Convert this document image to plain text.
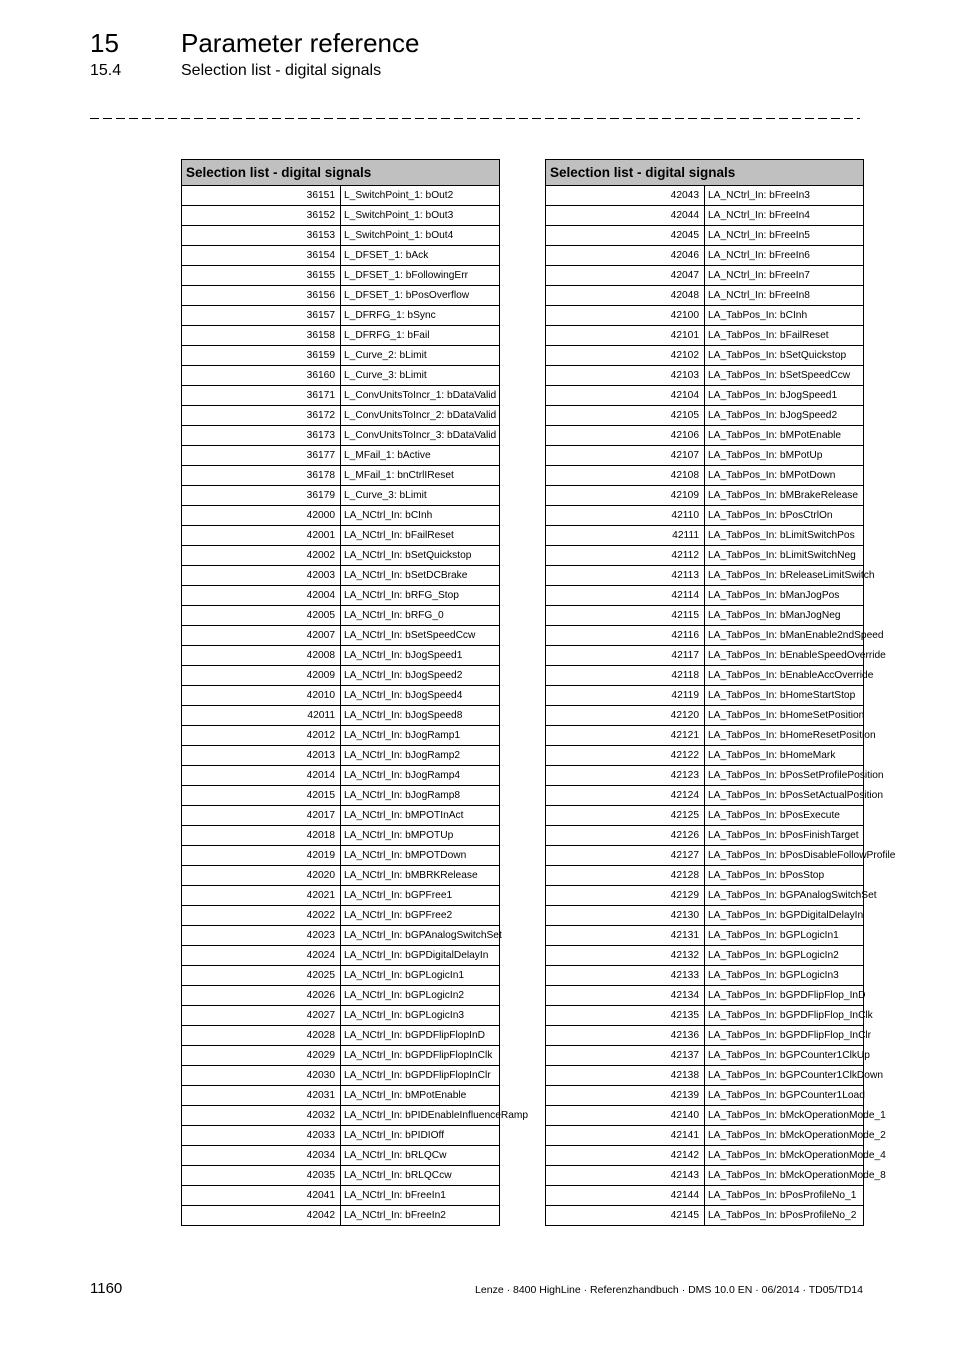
15 Parameter reference
15.4	Selection list - digital signals
Selection list - digital signals	
36151	L_SwitchPoint_1: bOut2
36152	L_SwitchPoint_1: bOut3
36153	L_SwitchPoint_1: bOut4
36154	L_DFSET_1: bAck
36155	L_DFSET_1: bFollowingErr
36156	L_DFSET_1: bPosOverflow
36157	L_DFRFG_1: bSync
36158	L_DFRFG_1: bFail
36159	L_Curve_2: bLimit
36160	L_Curve_3: bLimit
36171	L_ConvUnitsToIncr_1: bDataValid
36172	L_ConvUnitsToIncr_2: bDataValid
36173	L_ConvUnitsToIncr_3: bDataValid
36177	L_MFail_1: bActive
36178	L_MFail_1: bnCtrlIReset
36179	L_Curve_3: bLimit
42000	LA_NCtrl_In: bCInh
42001	LA_NCtrl_In: bFailReset
42002	LA_NCtrl_In: bSetQuickstop
42003	LA_NCtrl_In: bSetDCBrake
42004	LA_NCtrl_In: bRFG_Stop
42005	LA_NCtrl_In: bRFG_0
42007	LA_NCtrl_In: bSetSpeedCcw
42008	LA_NCtrl_In: bJogSpeed1
42009	LA_NCtrl_In: bJogSpeed2
42010	LA_NCtrl_In: bJogSpeed4
42011	LA_NCtrl_In: bJogSpeed8
42012	LA_NCtrl_In: bJogRamp1
42013	LA_NCtrl_In: bJogRamp2
42014	LA_NCtrl_In: bJogRamp4
42015	LA_NCtrl_In: bJogRamp8
42017	LA_NCtrl_In: bMPOTInAct
42018	LA_NCtrl_In: bMPOTUp
42019	LA_NCtrl_In: bMPOTDown
42020	LA_NCtrl_In: bMBRKRelease
42021	LA_NCtrl_In: bGPFree1
42022	LA_NCtrl_In: bGPFree2
42023	LA_NCtrl_In: bGPAnalogSwitchSet
42024	LA_NCtrl_In: bGPDigitalDelayIn
42025	LA_NCtrl_In: bGPLogicIn1
42026	LA_NCtrl_In: bGPLogicIn2
42027	LA_NCtrl_In: bGPLogicIn3
42028	LA_NCtrl_In: bGPDFlipFlopInD
42029	LA_NCtrl_In: bGPDFlipFlopInClk
42030	LA_NCtrl_In: bGPDFlipFlopInClr
42031	LA_NCtrl_In: bMPotEnable
42032	LA_NCtrl_In: bPIDEnableInfluenceRamp
42033	LA_NCtrl_In: bPIDIOff
42034	LA_NCtrl_In: bRLQCw
42035	LA_NCtrl_In: bRLQCcw
42041	LA_NCtrl_In: bFreeIn1
42042	LA_NCtrl_In: bFreeIn2
Selection list - digital signals	
42043	LA_NCtrl_In: bFreeIn3
42044	LA_NCtrl_In: bFreeIn4
42045	LA_NCtrl_In: bFreeIn5
42046	LA_NCtrl_In: bFreeIn6
42047	LA_NCtrl_In: bFreeIn7
42048	LA_NCtrl_In: bFreeIn8
42100	LA_TabPos_In: bCInh
42101	LA_TabPos_In: bFailReset
42102	LA_TabPos_In: bSetQuickstop
42103	LA_TabPos_In: bSetSpeedCcw
42104	LA_TabPos_In: bJogSpeed1
42105	LA_TabPos_In: bJogSpeed2
42106	LA_TabPos_In: bMPotEnable
42107	LA_TabPos_In: bMPotUp
42108	LA_TabPos_In: bMPotDown
42109	LA_TabPos_In: bMBrakeRelease
42110	LA_TabPos_In: bPosCtrlOn
42111	LA_TabPos_In: bLimitSwitchPos
42112	LA_TabPos_In: bLimitSwitchNeg
42113	LA_TabPos_In: bReleaseLimitSwitch
42114	LA_TabPos_In: bManJogPos
42115	LA_TabPos_In: bManJogNeg
42116	LA_TabPos_In: bManEnable2ndSpeed
42117	LA_TabPos_In: bEnableSpeedOverride
42118	LA_TabPos_In: bEnableAccOverride
42119	LA_TabPos_In: bHomeStartStop
42120	LA_TabPos_In: bHomeSetPosition
42121	LA_TabPos_In: bHomeResetPosition
42122	LA_TabPos_In: bHomeMark
42123	LA_TabPos_In: bPosSetProfilePosition
42124	LA_TabPos_In: bPosSetActualPosition
42125	LA_TabPos_In: bPosExecute
42126	LA_TabPos_In: bPosFinishTarget
42127	LA_TabPos_In: bPosDisableFollowProfile
42128	LA_TabPos_In: bPosStop
42129	LA_TabPos_In: bGPAnalogSwitchSet
42130	LA_TabPos_In: bGPDigitalDelayIn
42131	LA_TabPos_In: bGPLogicIn1
42132	LA_TabPos_In: bGPLogicIn2
42133	LA_TabPos_In: bGPLogicIn3
42134	LA_TabPos_In: bGPDFlipFlop_InD
42135	LA_TabPos_In: bGPDFlipFlop_InClk
42136	LA_TabPos_In: bGPDFlipFlop_InClr
42137	LA_TabPos_In: bGPCounter1ClkUp
42138	LA_TabPos_In: bGPCounter1ClkDown
42139	LA_TabPos_In: bGPCounter1Load
42140	LA_TabPos_In: bMckOperationMode_1
42141	LA_TabPos_In: bMckOperationMode_2
42142	LA_TabPos_In: bMckOperationMode_4
42143	LA_TabPos_In: bMckOperationMode_8
42144	LA_TabPos_In: bPosProfileNo_1
42145	LA_TabPos_In: bPosProfileNo_2
1160	Lenze · 8400 HighLine · Referenzhandbuch · DMS 10.0 EN · 06/2014 · TD05/TD14
